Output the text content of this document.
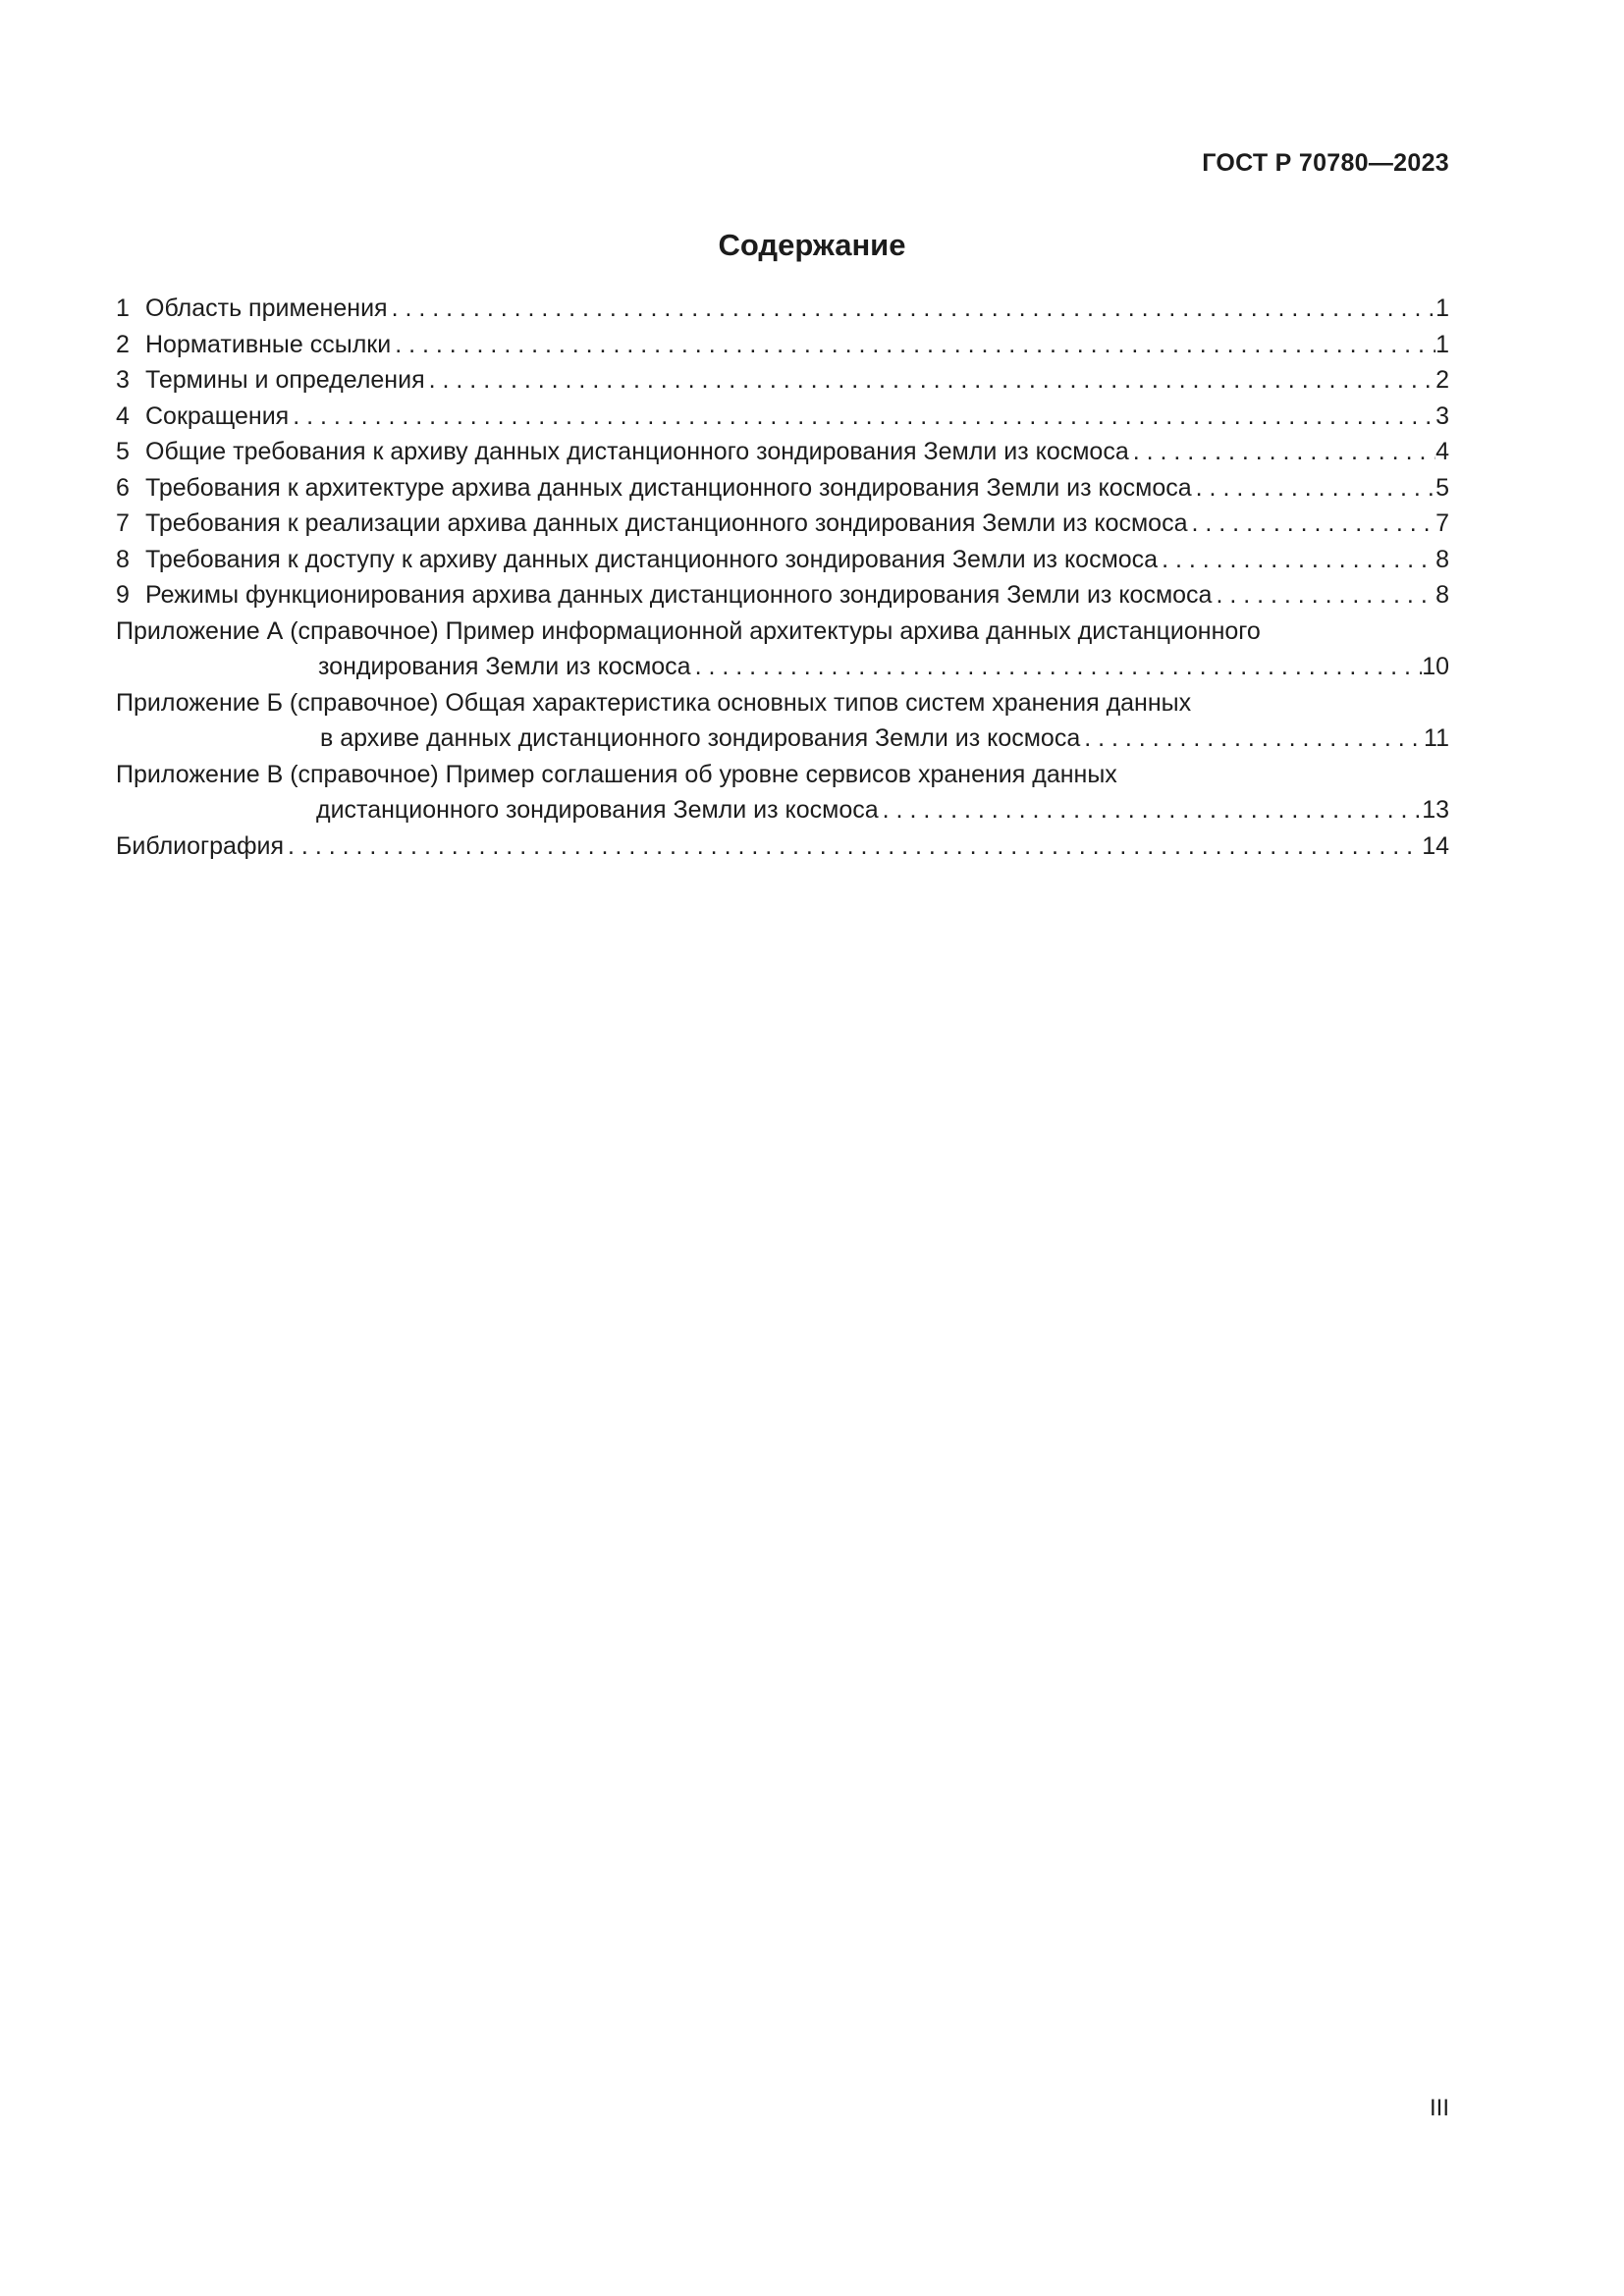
ГОСТ Р 70780—2023
Содержание
1 Область применения . . .	1
2 Нормативные ссылки . . .	1
3 Термины и определения . . .	2
4 Сокращения . . .	3
5 Общие требования к архиву данных дистанционного зондирования Земли из космоса . . .	4
6 Требования к архитектуре архива данных дистанционного зондирования Земли из космоса . . .	5
7 Требования к реализации архива данных дистанционного зондирования Земли из космоса . . .	7
8 Требования к доступу к архиву данных дистанционного зондирования Земли из космоса . . .	8
9 Режимы функционирования архива данных дистанционного зондирования Земли из космоса . . .	8
Приложение А (справочное) Пример информационной архитектуры архива данных дистанционного
зондирования Земли из космоса . . .	10
Приложение Б (справочное) Общая характеристика основных типов систем хранения данных
в архиве данных дистанционного зондирования Земли из космоса . . .	11
Приложение В (справочное) Пример соглашения об уровне сервисов хранения данных
дистанционного зондирования Земли из космоса . . .	13
Библиография . . .	14
III
